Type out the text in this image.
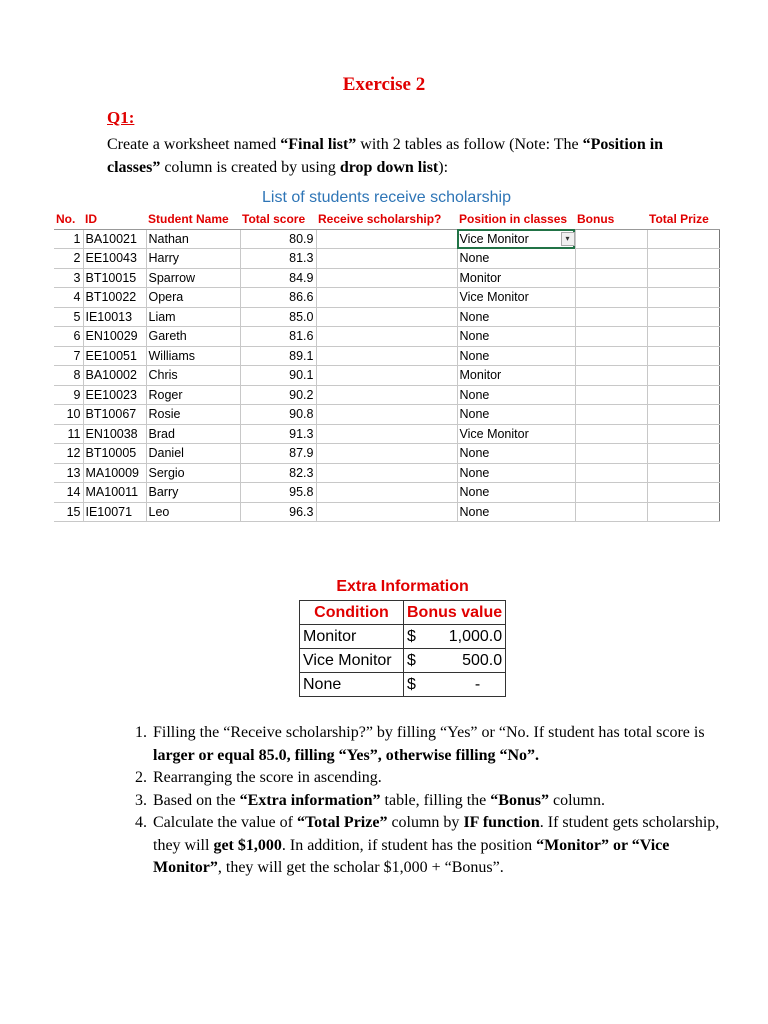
Exercise 2
Q1:
Create a worksheet named “Final list” with 2 tables as follow (Note: The “Position in classes” column is created by using drop down list):
List of students receive scholarship							
No.	ID	Student Name	Total score	Receive scholarship?	Position in classes	Bonus	Total Prize
1	BA10021	Nathan	80.9		Vice Monitor ▾		

2	EE10043	Harry	81.3		None		
3	BT10015	Sparrow	84.9		Monitor		
4	BT10022	Opera	86.6		Vice Monitor		
5	IE10013	Liam	85.0		None		
6	EN10029	Gareth	81.6		None		
7	EE10051	Williams	89.1		None		
8	BA10002	Chris	90.1		Monitor		
9	EE10023	Roger	90.2		None		
10	BT10067	Rosie	90.8		None		
11	EN10038	Brad	91.3		Vice Monitor		
12	BT10005	Daniel	87.9		None		
13	MA10009	Sergio	82.3		None		
14	MA10011	Barry	95.8		None		
15	IE10071	Leo	96.3		None		
Extra Information	
Condition	Bonus value
Monitor	$ 1,000.0

Vice Monitor	$ 500.0

None	$ -
1. Filling the “Receive scholarship?” by filling “Yes” or “No. If student has total score is larger or equal 85.0, filling “Yes”, otherwise filling “No”.
2. Rearranging the score in ascending.
3. Based on the “Extra information” table, filling the “Bonus” column.
4. Calculate the value of “Total Prize” column by IF function. If student gets scholarship, they will get $1,000. In addition, if student has the position “Monitor” or “Vice Monitor”, they will get the scholar $1,000 + “Bonus”.
